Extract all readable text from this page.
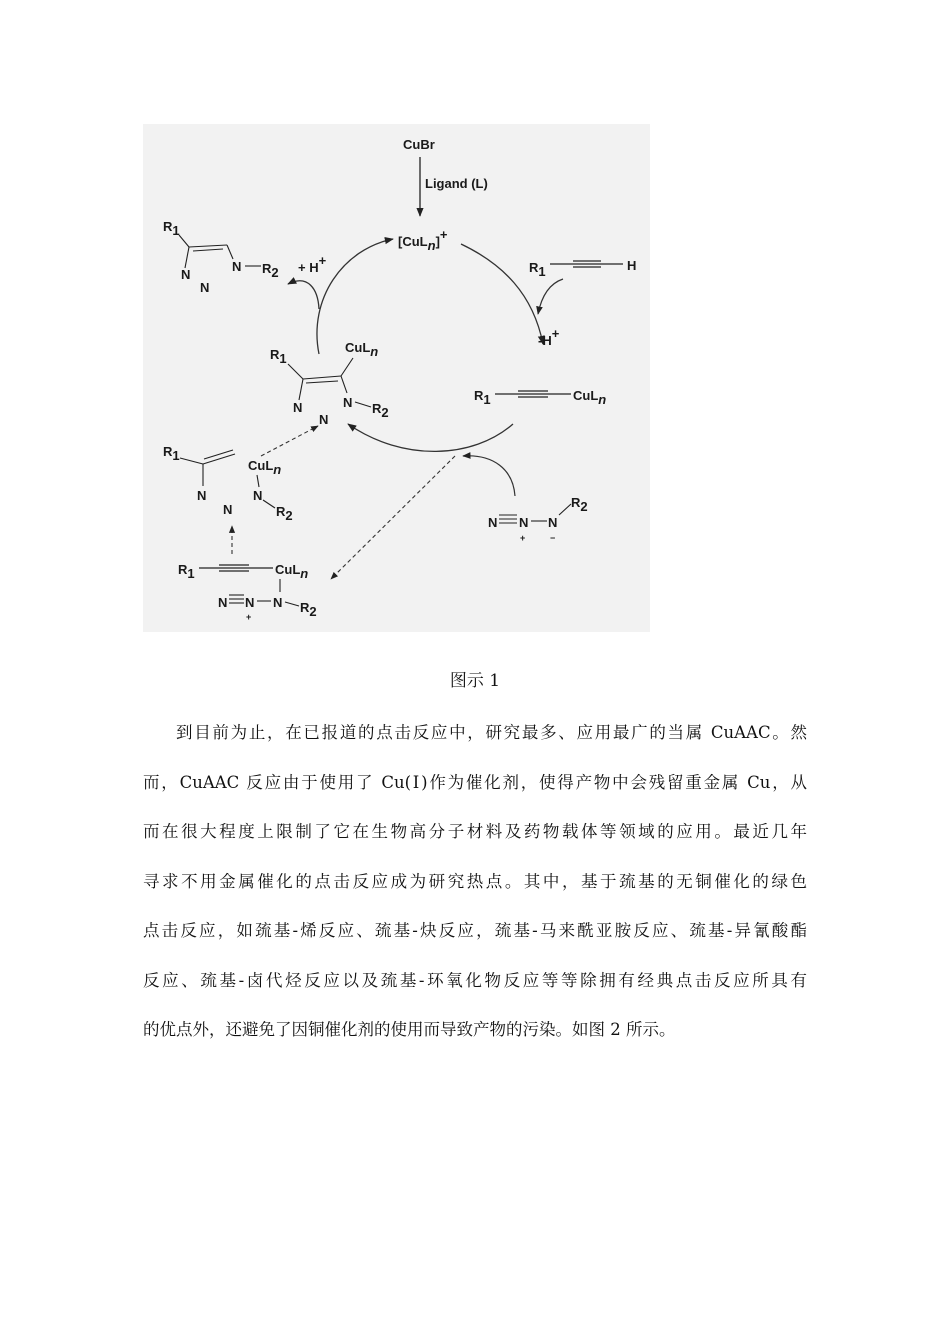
CuBr
Ligand (L)
[CuLn]+
R1	H
-H+
R1	CuLn
N N
+
N
−
R2
R1
N
N
N R2 + H+
R1
CuLn
N
N
N R2
R1
CuLn
N
N
N
R2
R1	CuLn
N N
+
N R2
图示 1
到目前为止，在已报道的点击反应中，研究最多、应用最广的当属 CuAAC。然
而，CuAAC 反应由于使用了 Cu(Ⅰ)作为催化剂，使得产物中会残留重金属 Cu，从
而在很大程度上限制了它在生物高分子材料及药物载体等领域的应用。最近几年
寻求不用金属催化的点击反应成为研究热点。其中，基于巯基的无铜催化的绿色
点击反应，如巯基-烯反应、巯基-炔反应，巯基-马来酰亚胺反应、巯基-异氰酸酯
反应、巯基-卤代烃反应以及巯基-环氧化物反应等等除拥有经典点击反应所具有
的优点外，还避免了因铜催化剂的使用而导致产物的污染。如图 2 所示。
